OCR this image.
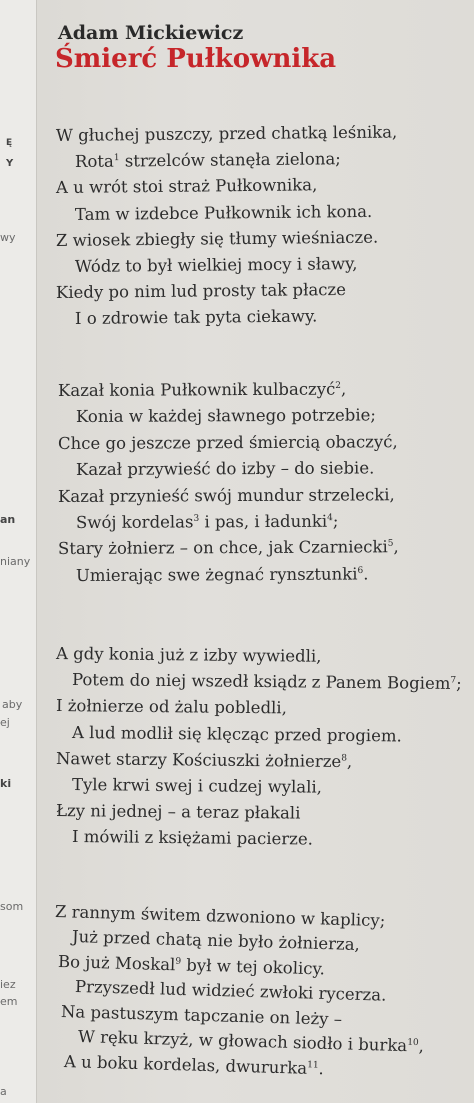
Ę
Y
wy
an
niany
aby
ej
ki
som
iez
em
a
Adam Mickiewicz
Śmierć Pułkownika
W głuchej puszczy, przed chatką leśnika,
Rota$^1$ strzelców stanęła zielona;
A u wrót stoi straż Pułkownika,
Tam w izdebce Pułkownik ich kona.
Z wiosek zbiegły się tłumy wieśniacze.
Wódz to był wielkiej mocy i sławy,
Kiedy po nim lud prosty tak płacze
I o zdrowie tak pyta ciekawy.
Kazał konia Pułkownik kulbaczyć$^2$,
Konia w każdej sławnego potrzebie;
Chce go jeszcze przed śmiercią obaczyć,
Kazał przywieść do izby – do siebie.
Kazał przynieść swój mundur strzelecki,
Swój kordelas$^3$ i pas, i ładunki$^4$;
Stary żołnierz – on chce, jak Czarniecki$^5$,
Umierając swe żegnać rynsztunki$^6$.
A gdy konia już z izby wywiedli,
Potem do niej wszedł ksiądz z Panem Bogiem$^7$;
I żołnierze od żalu pobledli,
A lud modlił się klęcząc przed progiem.
Nawet starzy Kościuszki żołnierze$^8$,
Tyle krwi swej i cudzej wylali,
Łzy ni jednej – a teraz płakali
I mówili z księżami pacierze.
Z rannym świtem dzwoniono w kaplicy;
Już przed chatą nie było żołnierza,
Bo już Moskal$^9$ był w tej okolicy.
Przyszedł lud widzieć zwłoki rycerza.
Na pastuszym tapczanie on leży –
W ręku krzyż, w głowach siodło i burka$^{10}$,
A u boku kordelas, dwururka$^{11}$.
